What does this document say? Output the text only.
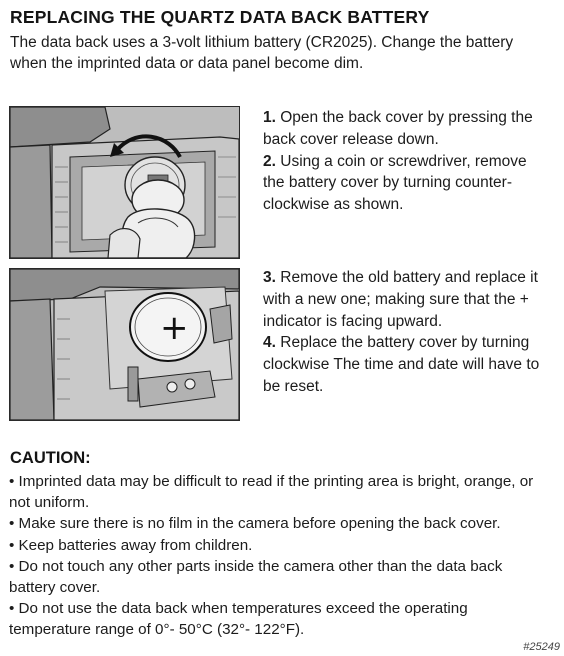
REPLACING THE QUARTZ DATA BACK BATTERY
The data back uses a 3-volt lithium battery (CR2025). Change the battery when the imprinted data or data panel become dim.

1. Open the back cover by pressing the back cover release down.

2. Using a coin or screwdriver, remove the battery cover by turning counter-clockwise as shown.

+

3. Remove the old battery and replace it with a new one; making sure that the + indicator is facing upward.

4. Replace the battery cover by turning clockwise The time and date will have to be reset.

CAUTION:
• Imprinted data may be difficult to read if the printing area is bright, orange, or not uniform.
• Make sure there is no film in the camera before opening the back cover.
• Keep batteries away from children.
• Do not touch any other parts inside the camera other than the data back battery cover.
• Do not use the data back when temperatures exceed the operating temperature range of 0°- 50°C (32°- 122°F).
#25249
